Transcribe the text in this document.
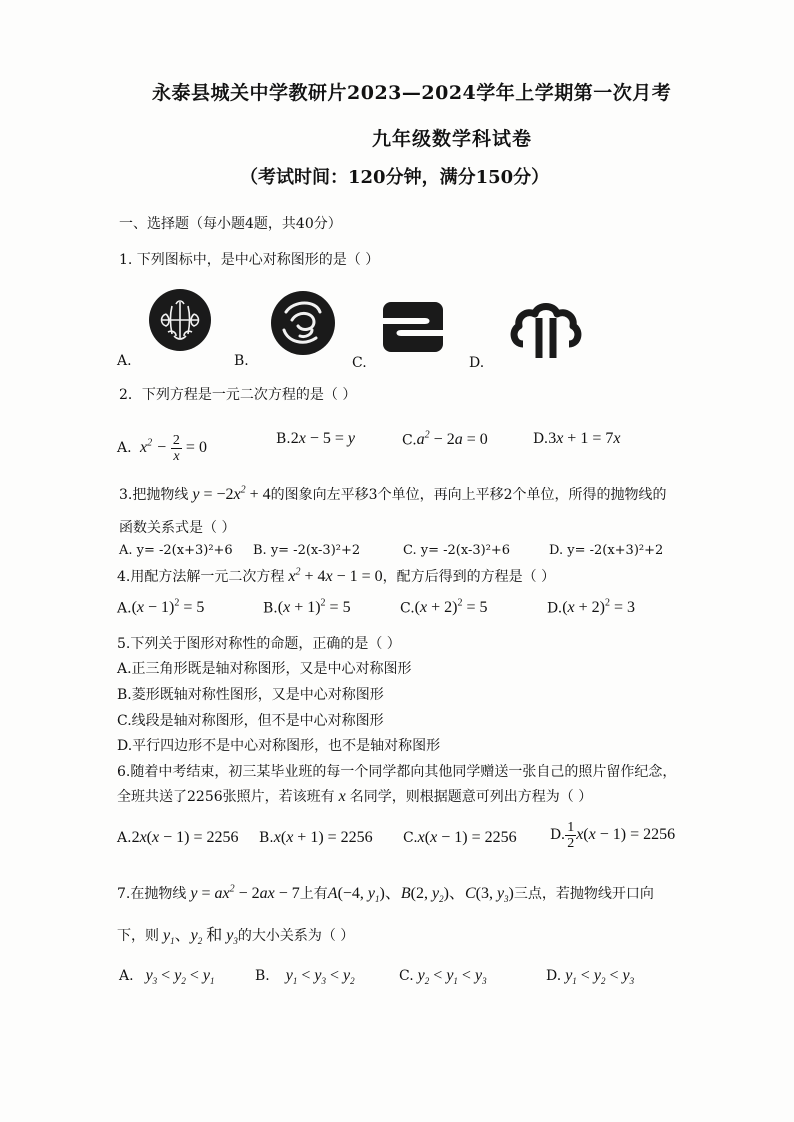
永泰县城关中学教研片2023—2024学年上学期第一次月考
九年级数学科试卷
（考试时间：120分钟，满分150分）
一、选择题（每小题4题，共40分）
1. 下列图标中，是中心对称图形的是（ ）
A.	B.	C.	D.
2．下列方程是一元二次方程的是（ ）
A.  $x^2 - \frac{2}{x} = 0$
B.2x − 5 = y	$C.a^2 - 2a = 0$	D.3x + 1 = 7x
3.把抛物线 $y = -2x^2 + 4$的图象向左平移3个单位，再向上平移2个单位，所得的抛物线的
函数关系式是（ ）
A. y= -2(x+3)²+6 B. y= -2(x-3)²+2	C. y= -2(x-3)²+6	D. y= -2(x+3)²+2
4.用配方法解一元二次方程 $x^2 + 4x - 1 = 0$，配方后得到的方程是（ ）
$A.(x - 1)^2 = 5$	$B.(x + 1)^2 = 5$	$C.(x + 2)^2 = 5$	$D.(x + 2)^2 = 3$
5.下列关于图形对称性的命题，正确的是（ ）
A.正三角形既是轴对称图形，又是中心对称图形
B.菱形既轴对称性图形，又是中心对称图形
C.线段是轴对称图形，但不是中心对称图形
D.平行四边形不是中心对称图形，也不是轴对称图形
6.随着中考结束，初三某毕业班的每一个同学都向其他同学赠送一张自己的照片留作纪念，
全班共送了2256张照片，若该班有 x 名同学，则根据题意可列出方程为（ ）
A.2x(x − 1) = 2256 B.x(x + 1) = 2256 C.x(x − 1) = 2256 D. $\frac{1}{2} x(x - 1) = 2256$
7.在抛物线 $y = ax^2 - 2ax - 7$上有A(−4, $y_1$)、B(2, $y_2$)、C(3, $y_3$)三点，若抛物线开口向
下，则 $y_1$、$y_2$ 和 $y_3$的大小关系为（ ）
A.   $y_3 < y_2 < y_1$	B.    $y_1 < y_3 < y_2$	C. $y_2 < y_1 < y_3$	D. $y_1 < y_2 < y_3$
